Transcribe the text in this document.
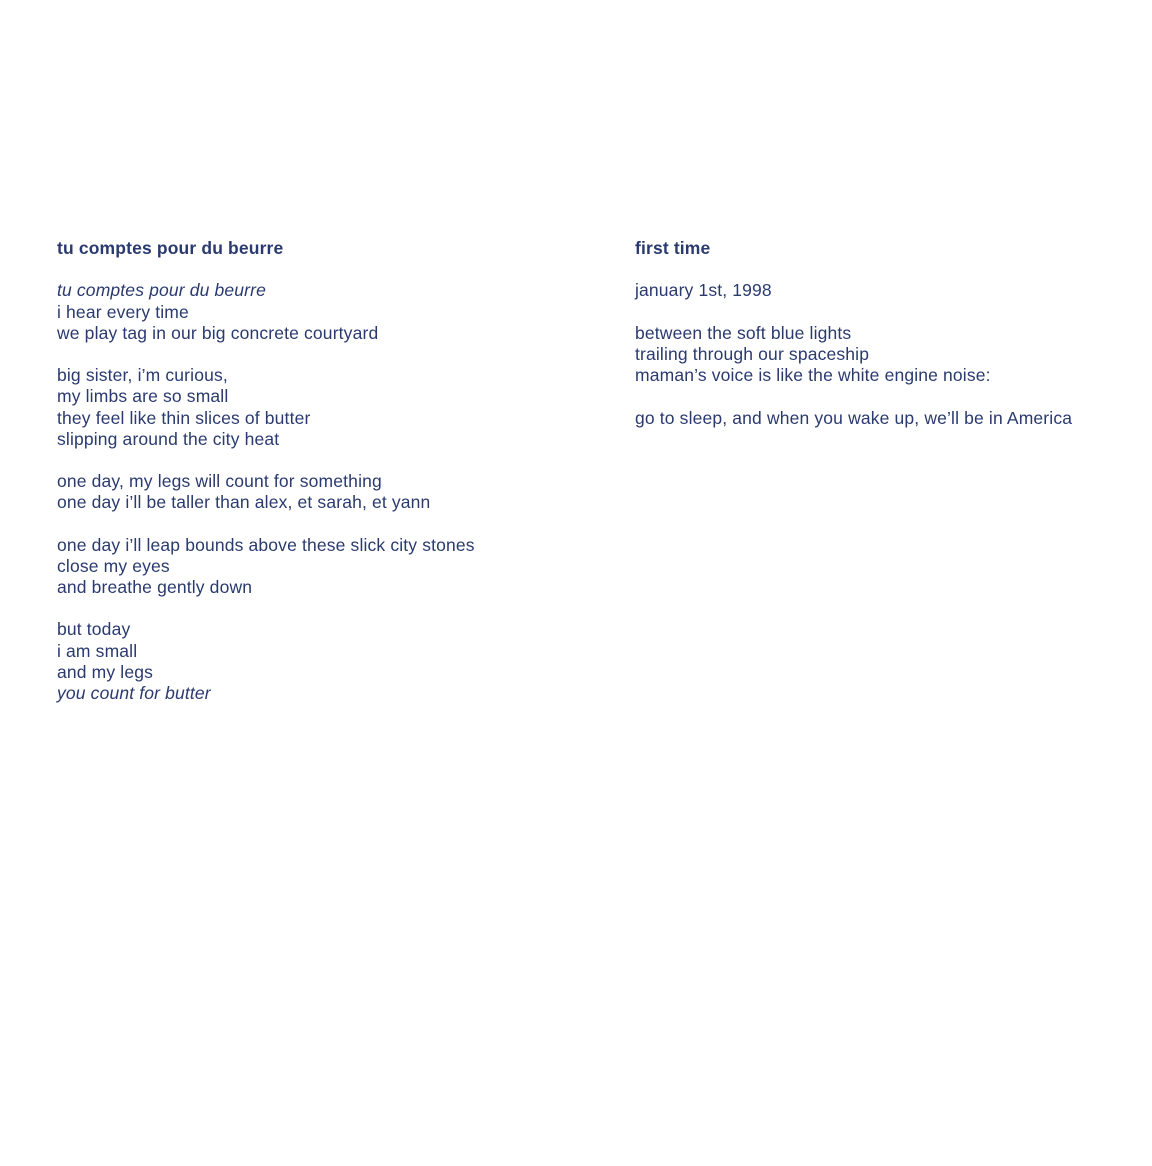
tu comptes pour du beurre
tu comptes pour du beurre
i hear every time
we play tag in our big concrete courtyard
big sister, i’m curious,
my limbs are so small
they feel like thin slices of butter
slipping around the city heat
one day, my legs will count for something
one day i’ll be taller than alex, et sarah, et yann
one day i’ll leap bounds above these slick city stones
close my eyes
and breathe gently down
but today
i am small
and my legs
you count for butter
first time
january 1st, 1998
between the soft blue lights
trailing through our spaceship
maman’s voice is like the white engine noise:
go to sleep, and when you wake up, we’ll be in America
